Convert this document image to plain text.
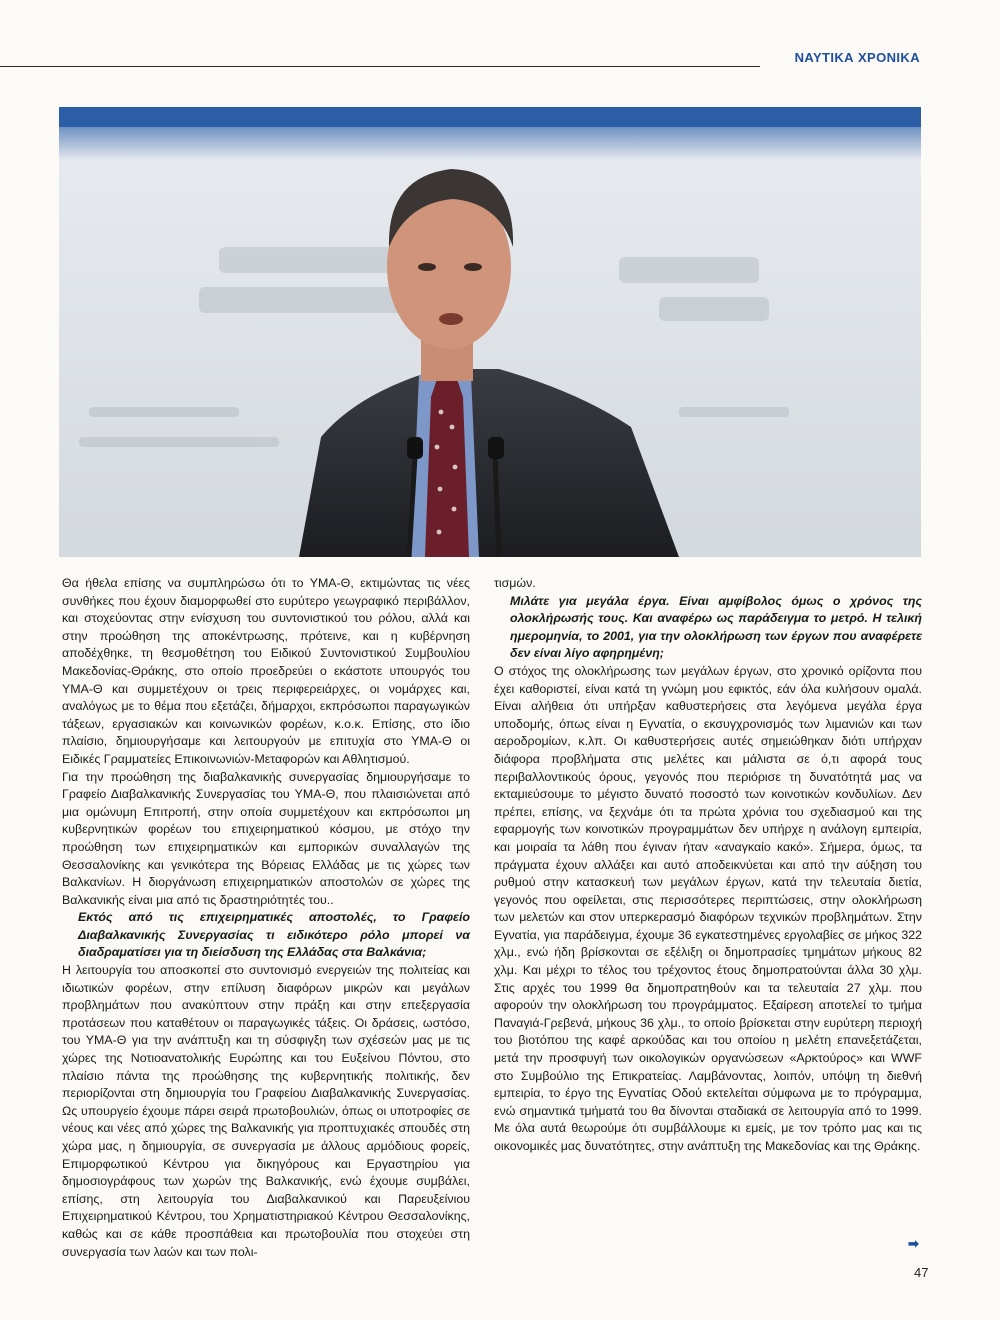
ΝΑΥΤΙΚΑ ΧΡΟΝΙΚΑ

Θα ήθελα επίσης να συμπληρώσω ότι το ΥΜΑ-Θ, εκτιμώντας τις νέες συνθήκες που έχουν διαμορφωθεί στο ευρύτερο γεωγραφικό περιβάλλον, και στοχεύοντας στην ενίσχυση του συντονιστικού του ρόλου, αλλά και στην προώθηση της αποκέντρωσης, πρότεινε, και η κυβέρνηση αποδέχθηκε, τη θεσμοθέτηση του Ειδικού Συντονιστικού Συμβουλίου Μακεδονίας-Θράκης, στο οποίο προεδρεύει ο εκάστοτε υπουργός του ΥΜΑ-Θ και συμμετέχουν οι τρεις περιφερειάρχες, οι νομάρχες και, αναλόγως με το θέμα που εξετάζει, δήμαρχοι, εκπρόσωποι παραγωγικών τάξεων, εργασιακών και κοινωνικών φορέων, κ.ο.κ. Επίσης, στο ίδιο πλαίσιο, δημιουργήσαμε και λειτουργούν με επιτυχία στο ΥΜΑ-Θ οι Ειδικές Γραμματείες Επικοινωνιών-Μεταφορών και Αθλητισμού.

Για την προώθηση της διαβαλκανικής συνεργασίας δημιουργήσαμε το Γραφείο Διαβαλκανικής Συνεργασίας του ΥΜΑ-Θ, που πλαισιώνεται από μια ομώνυμη Επιτροπή, στην οποία συμμετέχουν και εκπρόσωποι μη κυβερνητικών φορέων του επιχειρηματικού κόσμου, με στόχο την προώθηση των επιχειρηματικών και εμπορικών συναλλαγών της Θεσσαλονίκης και γενικότερα της Βόρειας Ελλάδας με τις χώρες των Βαλκανίων. Η διοργάνωση επιχειρηματικών αποστολών σε χώρες της Βαλκανικής είναι μια από τις δραστηριότητές του..

Εκτός από τις επιχειρηματικές αποστολές, το Γραφείο Διαβαλκανικής Συνεργασίας τι ειδικότερο ρόλο μπορεί να διαδραματίσει για τη διείσδυση της Ελλάδας στα Βαλκάνια;

Η λειτουργία του αποσκοπεί στο συντονισμό ενεργειών της πολιτείας και ιδιωτικών φορέων, στην επίλυση διαφόρων μικρών και μεγάλων προβλημάτων που ανακύπτουν στην πράξη και στην επεξεργασία προτάσεων που καταθέτουν οι παραγωγικές τάξεις. Οι δράσεις, ωστόσο, του ΥΜΑ-Θ για την ανάπτυξη και τη σύσφιγξη των σχέσεών μας με τις χώρες της Νοτιοανατολικής Ευρώπης και του Ευξείνου Πόντου, στο πλαίσιο πάντα της προώθησης της κυβερνητικής πολιτικής, δεν περιορίζονται στη δημιουργία του Γραφείου Διαβαλκανικής Συνεργασίας. Ως υπουργείο έχουμε πάρει σειρά πρωτοβουλιών, όπως οι υποτροφίες σε νέους και νέες από χώρες της Βαλκανικής για προπτυχιακές σπουδές στη χώρα μας, η δημιουργία, σε συνεργασία με άλλους αρμόδιους φορείς, Επιμορφωτικού Κέντρου για δικηγόρους και Εργαστηρίου για δημοσιογράφους των χωρών της Βαλκανικής, ενώ έχουμε συμβάλει, επίσης, στη λειτουργία του Διαβαλκανικού και Παρευξείνιου Επιχειρηματικού Κέντρου, του Χρηματιστηριακού Κέντρου Θεσσαλονίκης, καθώς και σε κάθε προσπάθεια και πρωτοβουλία που στοχεύει στη συνεργασία των λαών και των πολι-

τισμών.

Μιλάτε για μεγάλα έργα. Είναι αμφίβολος όμως ο χρόνος της ολοκλήρωσής τους. Και αναφέρω ως παράδειγμα το μετρό. Η τελική ημερομηνία, το 2001, για την ολοκλήρωση των έργων που αναφέρετε δεν είναι λίγο αφηρημένη;

Ο στόχος της ολοκλήρωσης των μεγάλων έργων, στο χρονικό ορίζοντα που έχει καθοριστεί, είναι κατά τη γνώμη μου εφικτός, εάν όλα κυλήσουν ομαλά. Είναι αλήθεια ότι υπήρξαν καθυστερήσεις στα λεγόμενα μεγάλα έργα υποδομής, όπως είναι η Εγνατία, ο εκσυγχρονισμός των λιμανιών και των αεροδρομίων, κ.λπ. Οι καθυστερήσεις αυτές σημειώθηκαν διότι υπήρχαν διάφορα προβλήματα στις μελέτες και μάλιστα σε ό,τι αφορά τους περιβαλλοντικούς όρους, γεγονός που περιόρισε τη δυνατότητά μας να εκταμιεύσουμε το μέγιστο δυνατό ποσοστό των κοινοτικών κονδυλίων. Δεν πρέπει, επίσης, να ξεχνάμε ότι τα πρώτα χρόνια του σχεδιασμού και της εφαρμογής των κοινοτικών προγραμμάτων δεν υπήρχε η ανάλογη εμπειρία, και μοιραία τα λάθη που έγιναν ήταν «αναγκαίο κακό». Σήμερα, όμως, τα πράγματα έχουν αλλάξει και αυτό αποδεικνύεται και από την αύξηση του ρυθμού στην κατασκευή των μεγάλων έργων, κατά την τελευταία διετία, γεγονός που οφείλεται, στις περισσότερες περιπτώσεις, στην ολοκλήρωση των μελετών και στον υπερκερασμό διαφόρων τεχνικών προβλημάτων. Στην Εγνατία, για παράδειγμα, έχουμε 36 εγκατεστημένες εργολαβίες σε μήκος 322 χλμ., ενώ ήδη βρίσκονται σε εξέλιξη οι δημοπρασίες τμημάτων μήκους 82 χλμ. Και μέχρι το τέλος του τρέχοντος έτους δημοπρατούνται άλλα 30 χλμ. Στις αρχές του 1999 θα δημοπρατηθούν και τα τελευταία 27 χλμ. που αφορούν την ολοκλήρωση του προγράμματος. Εξαίρεση αποτελεί το τμήμα Παναγιά-Γρεβενά, μήκους 36 χλμ., το οποίο βρίσκεται στην ευρύτερη περιοχή του βιοτόπου της καφέ αρκούδας και του οποίου η μελέτη επανεξετάζεται, μετά την προσφυγή των οικολογικών οργανώσεων «Αρκτούρος» και WWF στο Συμβούλιο της Επικρατείας. Λαμβάνοντας, λοιπόν, υπόψη τη διεθνή εμπειρία, το έργο της Εγνατίας Οδού εκτελείται σύμφωνα με το πρόγραμμα, ενώ σημαντικά τμήματά του θα δίνονται σταδιακά σε λειτουργία από το 1999. Με όλα αυτά θεωρούμε ότι συμβάλλουμε κι εμείς, με τον τρόπο μας και τις οικονομικές μας δυνατότητες, στην ανάπτυξη της Μακεδονίας και της Θράκης.

➡
47
